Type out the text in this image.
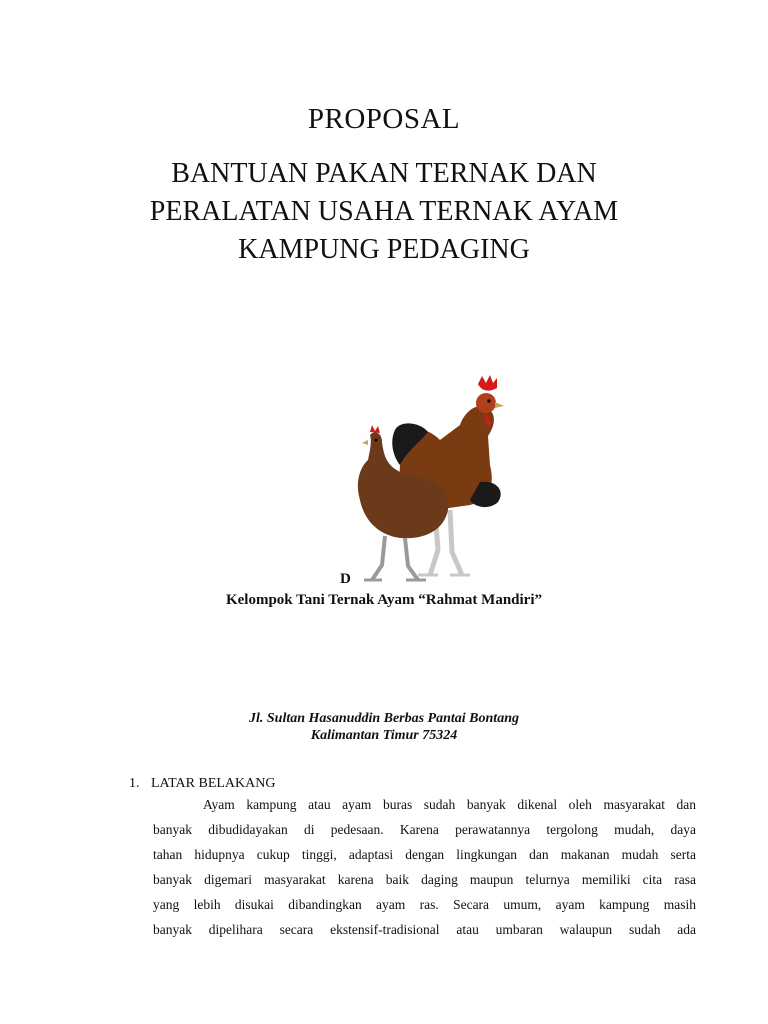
PROPOSAL
BANTUAN PAKAN TERNAK DAN
PERALATAN USAHA TERNAK AYAM
KAMPUNG PEDAGING
D
Kelompok Tani Ternak Ayam “Rahmat Mandiri”
Jl. Sultan Hasanuddin Berbas Pantai Bontang
Kalimantan Timur 75324
1. LATAR BELAKANG
Ayam kampung atau ayam buras sudah banyak dikenal oleh masyarakat dan
banyak dibudidayakan di pedesaan. Karena perawatannya tergolong mudah, daya
tahan hidupnya cukup tinggi, adaptasi dengan lingkungan dan makanan mudah serta
banyak digemari masyarakat karena baik daging maupun telurnya memiliki cita rasa
yang lebih disukai dibandingkan ayam ras. Secara umum, ayam kampung masih
banyak dipelihara secara ekstensif-tradisional atau umbaran walaupun sudah ada
